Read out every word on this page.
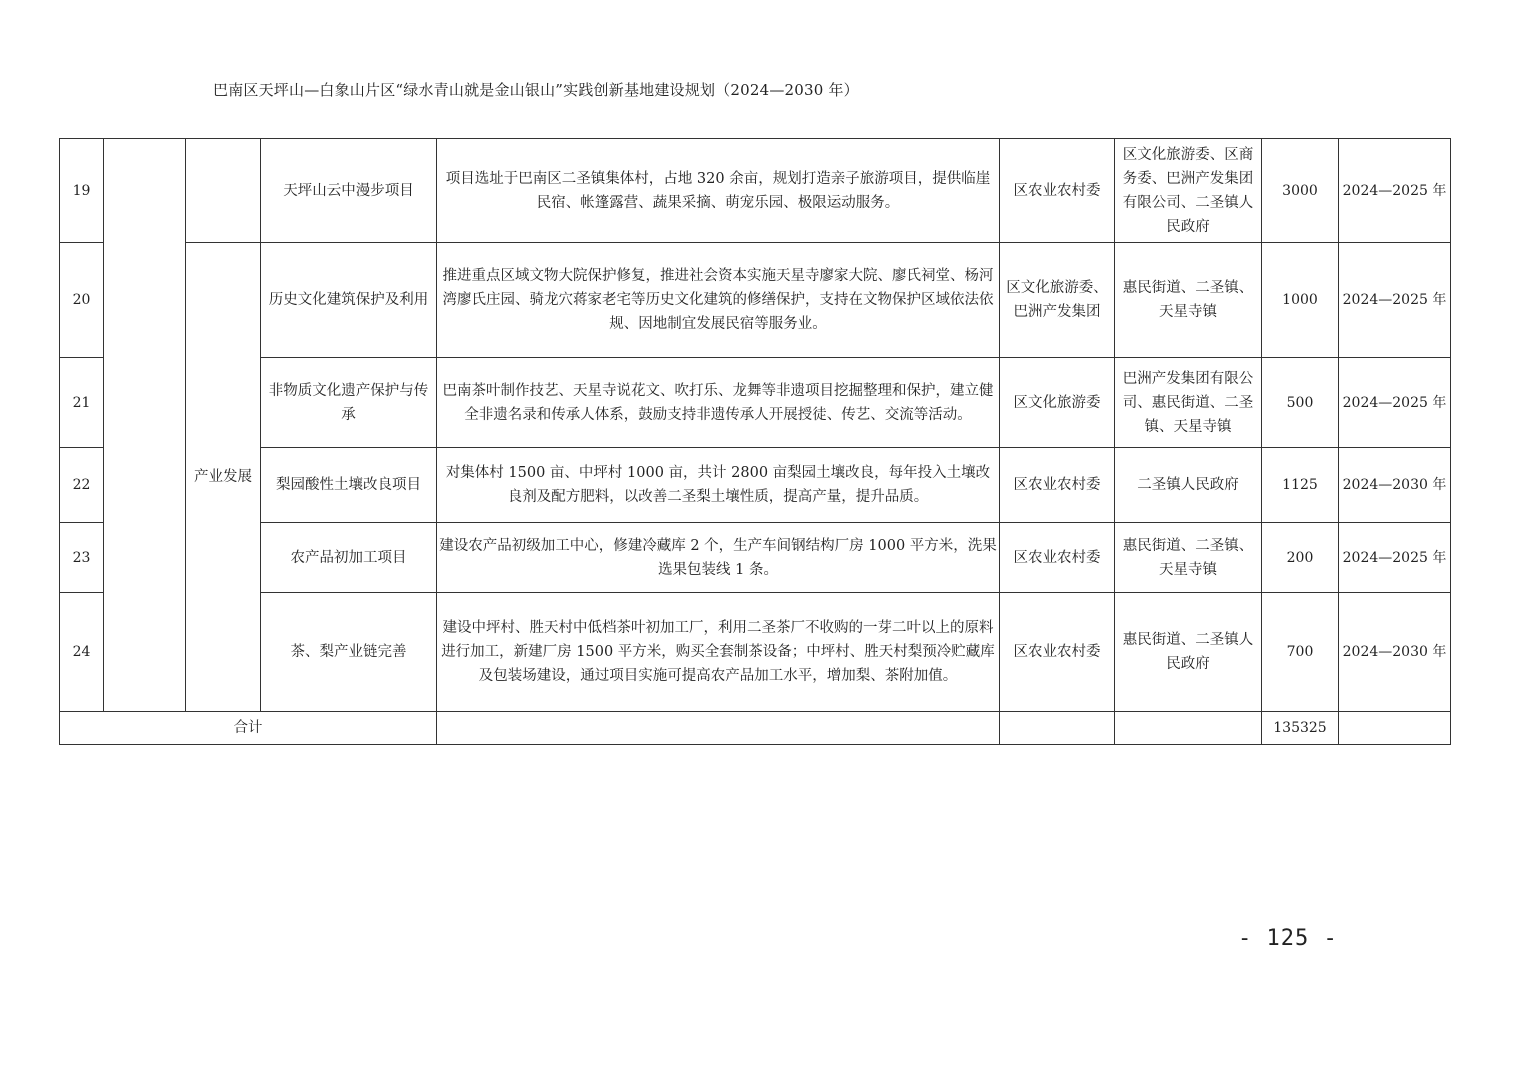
巴南区天坪山—白象山片区“绿水青山就是金山银山”实践创新基地建设规划（2024—2030 年）
19			天坪山云中漫步项目	项目选址于巴南区二圣镇集体村，占地 320 余亩，规划打造亲子旅游项目，提供临崖民宿、帐篷露营、蔬果采摘、萌宠乐园、极限运动服务。	区农业农村委	区文化旅游委、区商务委、巴洲产发集团有限公司、二圣镇人民政府	3000	2024—2025 年
20		产业发展	历史文化建筑保护及利用	推进重点区域文物大院保护修复，推进社会资本实施天星寺廖家大院、廖氏祠堂、杨河湾廖氏庄园、骑龙穴蒋家老宅等历史文化建筑的修缮保护，支持在文物保护区域依法依规、因地制宜发展民宿等服务业。	区文化旅游委、巴洲产发集团	惠民街道、二圣镇、天星寺镇	1000	2024—2025 年
21			非物质文化遗产保护与传承	巴南茶叶制作技艺、天星寺说花文、吹打乐、龙舞等非遗项目挖掘整理和保护，建立健全非遗名录和传承人体系，鼓励支持非遗传承人开展授徒、传艺、交流等活动。	区文化旅游委	巴洲产发集团有限公司、惠民街道、二圣镇、天星寺镇	500	2024—2025 年
22			梨园酸性土壤改良项目	对集体村 1500 亩、中坪村 1000 亩，共计 2800 亩梨园土壤改良，每年投入土壤改良剂及配方肥料，以改善二圣梨土壤性质，提高产量，提升品质。	区农业农村委	二圣镇人民政府	1125	2024—2030 年
23			农产品初加工项目	建设农产品初级加工中心，修建冷藏库 2 个，生产车间钢结构厂房 1000 平方米，洗果选果包装线 1 条。	区农业农村委	惠民街道、二圣镇、天星寺镇	200	2024—2025 年
24			茶、梨产业链完善	建设中坪村、胜天村中低档茶叶初加工厂，利用二圣茶厂不收购的一芽二叶以上的原料进行加工，新建厂房 1500 平方米，购买全套制茶设备；中坪村、胜天村梨预冷贮藏库及包装场建设，通过项目实施可提高农产品加工水平，增加梨、茶附加值。	区农业农村委	惠民街道、二圣镇人民政府	700	2024—2030 年
合计							135325	
- 125 -
